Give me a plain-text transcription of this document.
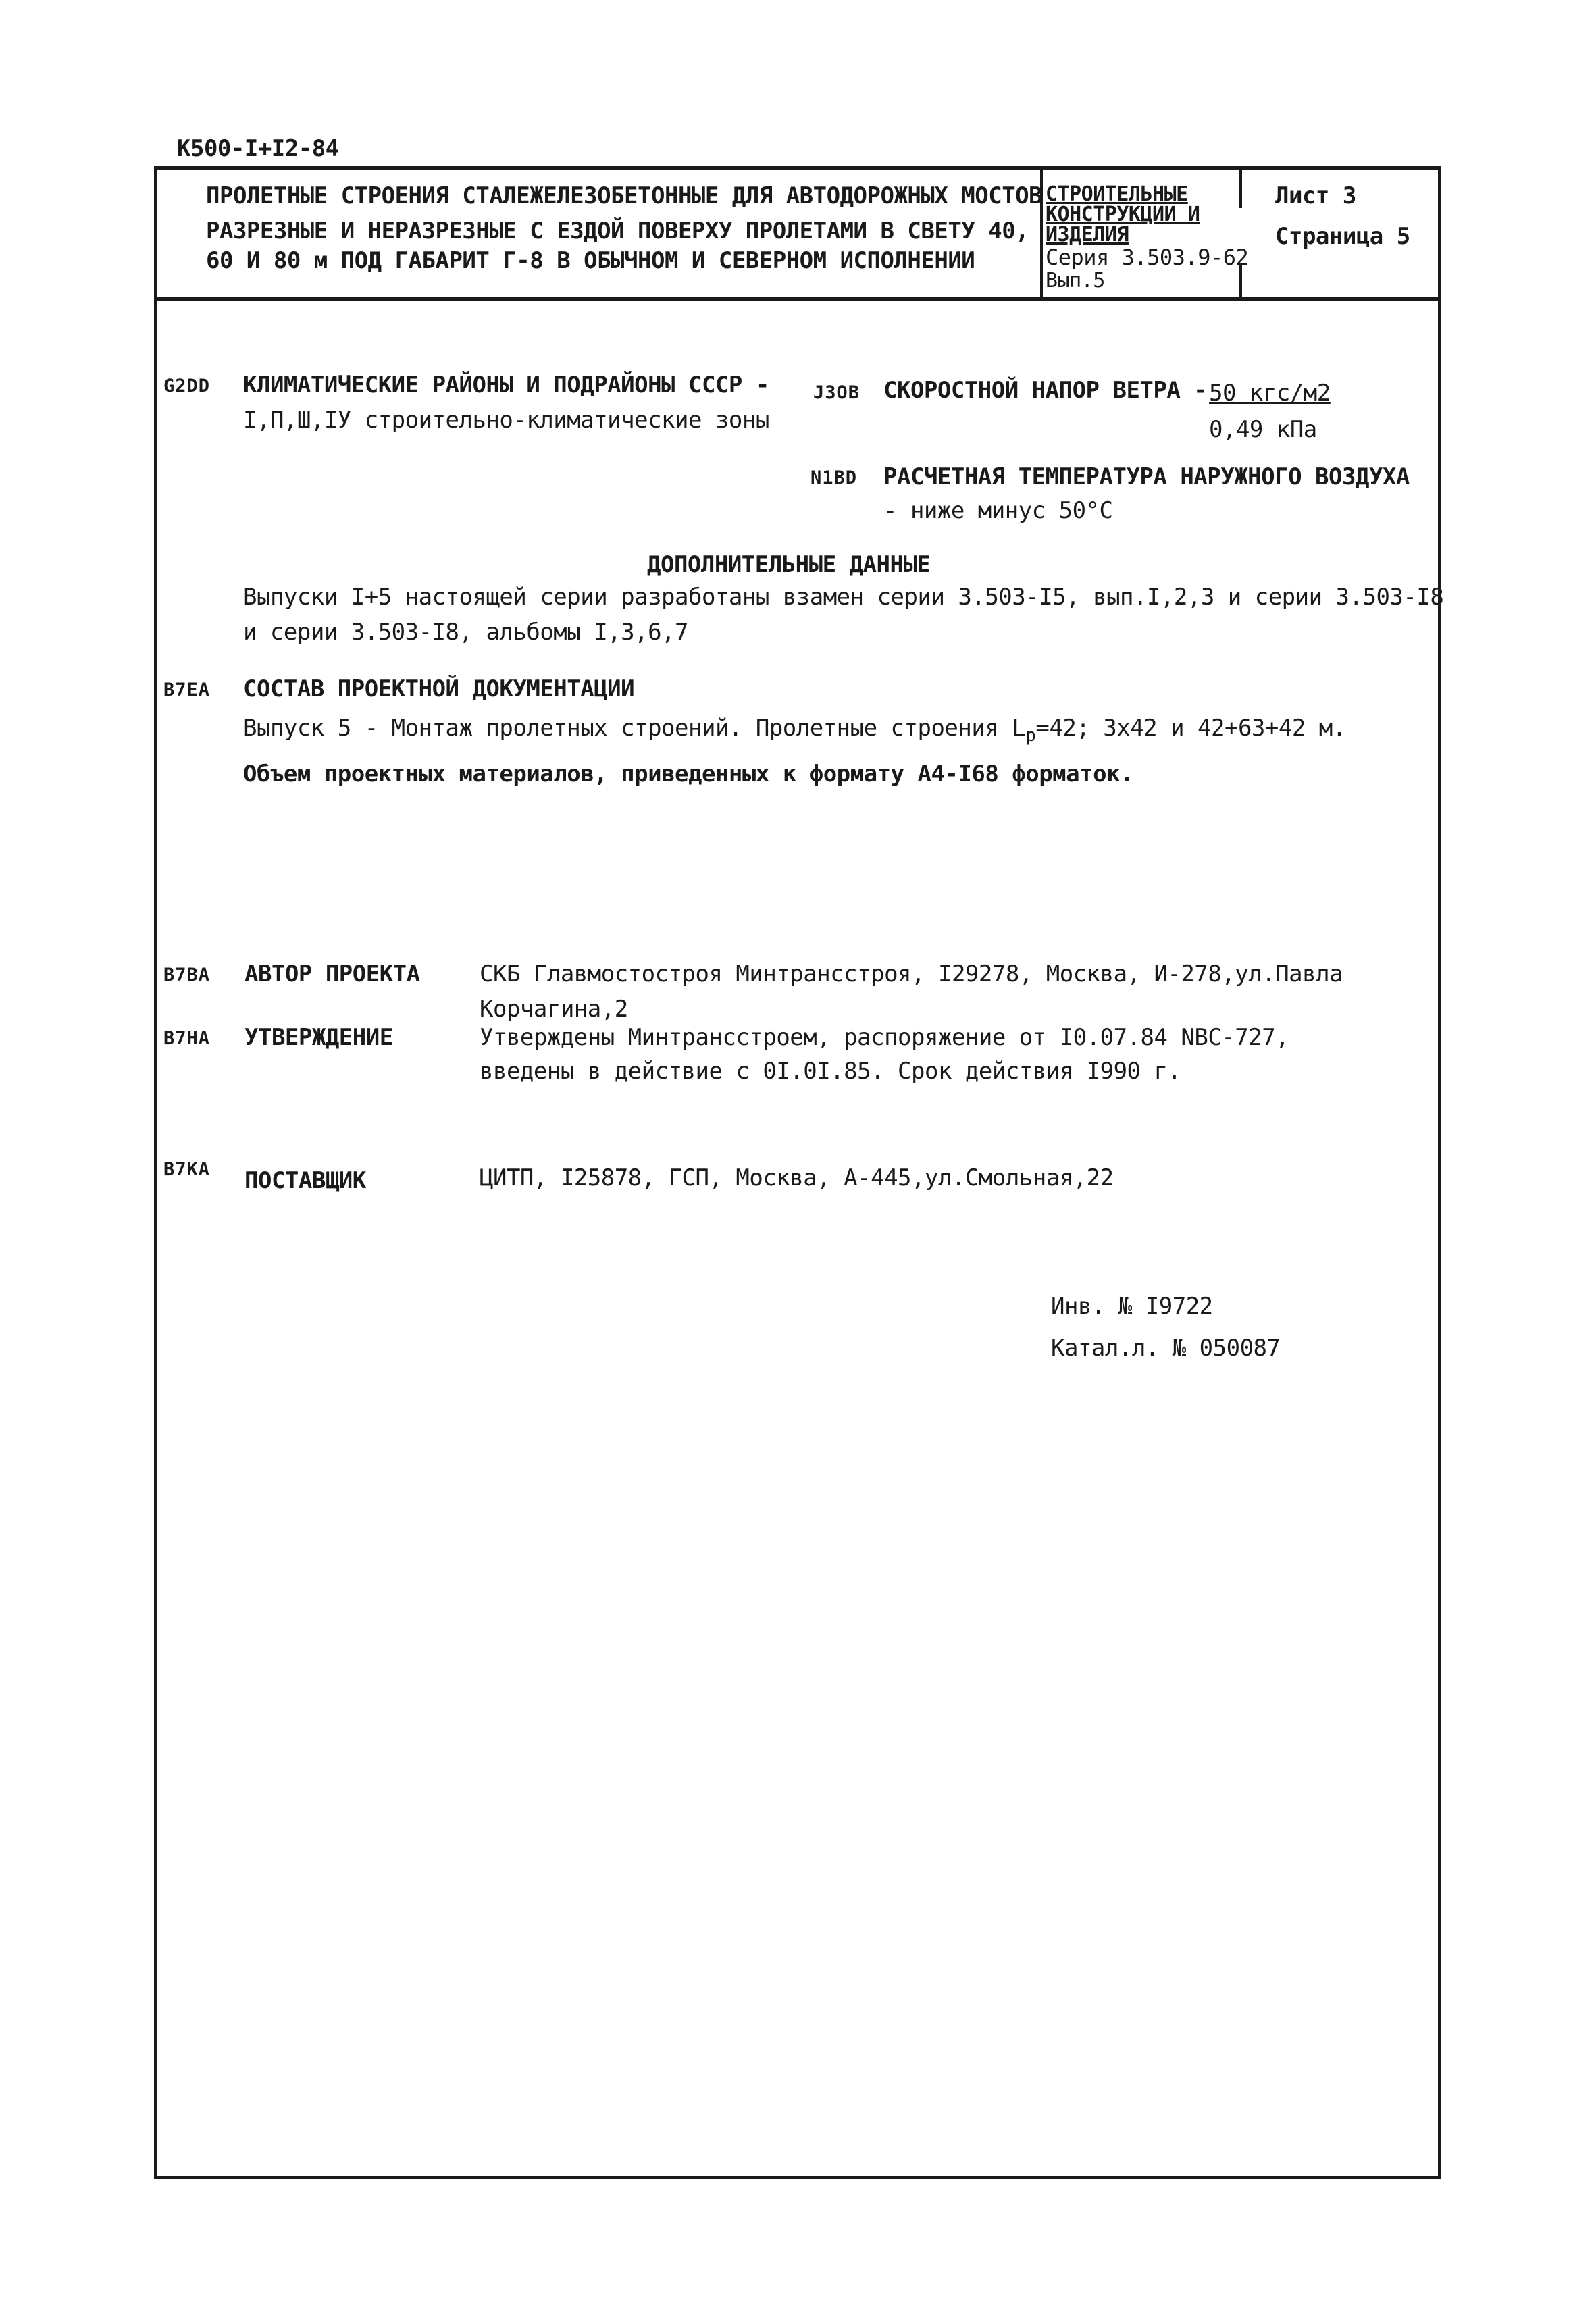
К500-I+I2-84
ПРОЛЕТНЫЕ СТРОЕНИЯ СТАЛЕЖЕЛЕЗОБЕТОННЫЕ ДЛЯ АВТОДОРОЖНЫХ МОСТОВ
РАЗРЕЗНЫЕ И НЕРАЗРЕЗНЫЕ С ЕЗДОЙ ПОВЕРХУ ПРОЛЕТАМИ В СВЕТУ 40,
60 И 80 м ПОД ГАБАРИТ Г-8 В ОБЫЧНОМ И СЕВЕРНОМ ИСПОЛНЕНИИ
СТРОИТЕЛЬНЫЕ
КОНСТРУКЦИИ И
ИЗДЕЛИЯ
Серия 3.503.9-62
Вып.5
Лист 3
Страница 5
G2DD КЛИМАТИЧЕСКИЕ РАЙОНЫ И ПОДРАЙОНЫ СССР -
I,П,Ш,IУ строительно-климатические зоны
J3OB СКОРОСТНОЙ НАПОР ВЕТРА - 50 кгс/м2
0,49 кПа
N1BD РАСЧЕТНАЯ ТЕМПЕРАТУРА НАРУЖНОГО ВОЗДУХА
- ниже минус 50°С
ДОПОЛНИТЕЛЬНЫЕ ДАННЫЕ
Выпуски I+5 настоящей серии разработаны взамен серии 3.503-I5, вып.I,2,3 и серии 3.503-I8
и серии 3.503-I8, альбомы I,3,6,7
B7EA СОСТАВ ПРОЕКТНОЙ ДОКУМЕНТАЦИИ
Выпуск 5 - Монтаж пролетных строений. Пролетные строения $L_р=42$; 3х42 и 42+63+42 м.
Объем проектных материалов, приведенных к формату А4-I68 форматок.
B7BA АВТОР ПРОЕКТА	СКБ Главмостостроя Минтрансстроя, I29278, Москва, И-278,ул.Павла
Корчагина,2
B7HA УТВЕРЖДЕНИЕ	Утверждены Минтрансстроем, распоряжение от I0.07.84 NBC-727,
введены в действие с 0I.0I.85. Срок действия I990 г.
B7KA ПОСТАВЩИК	ЦИТП, I25878, ГСП, Москва, А-445,ул.Смольная,22
Инв. № I9722
Катал.л. № 050087
